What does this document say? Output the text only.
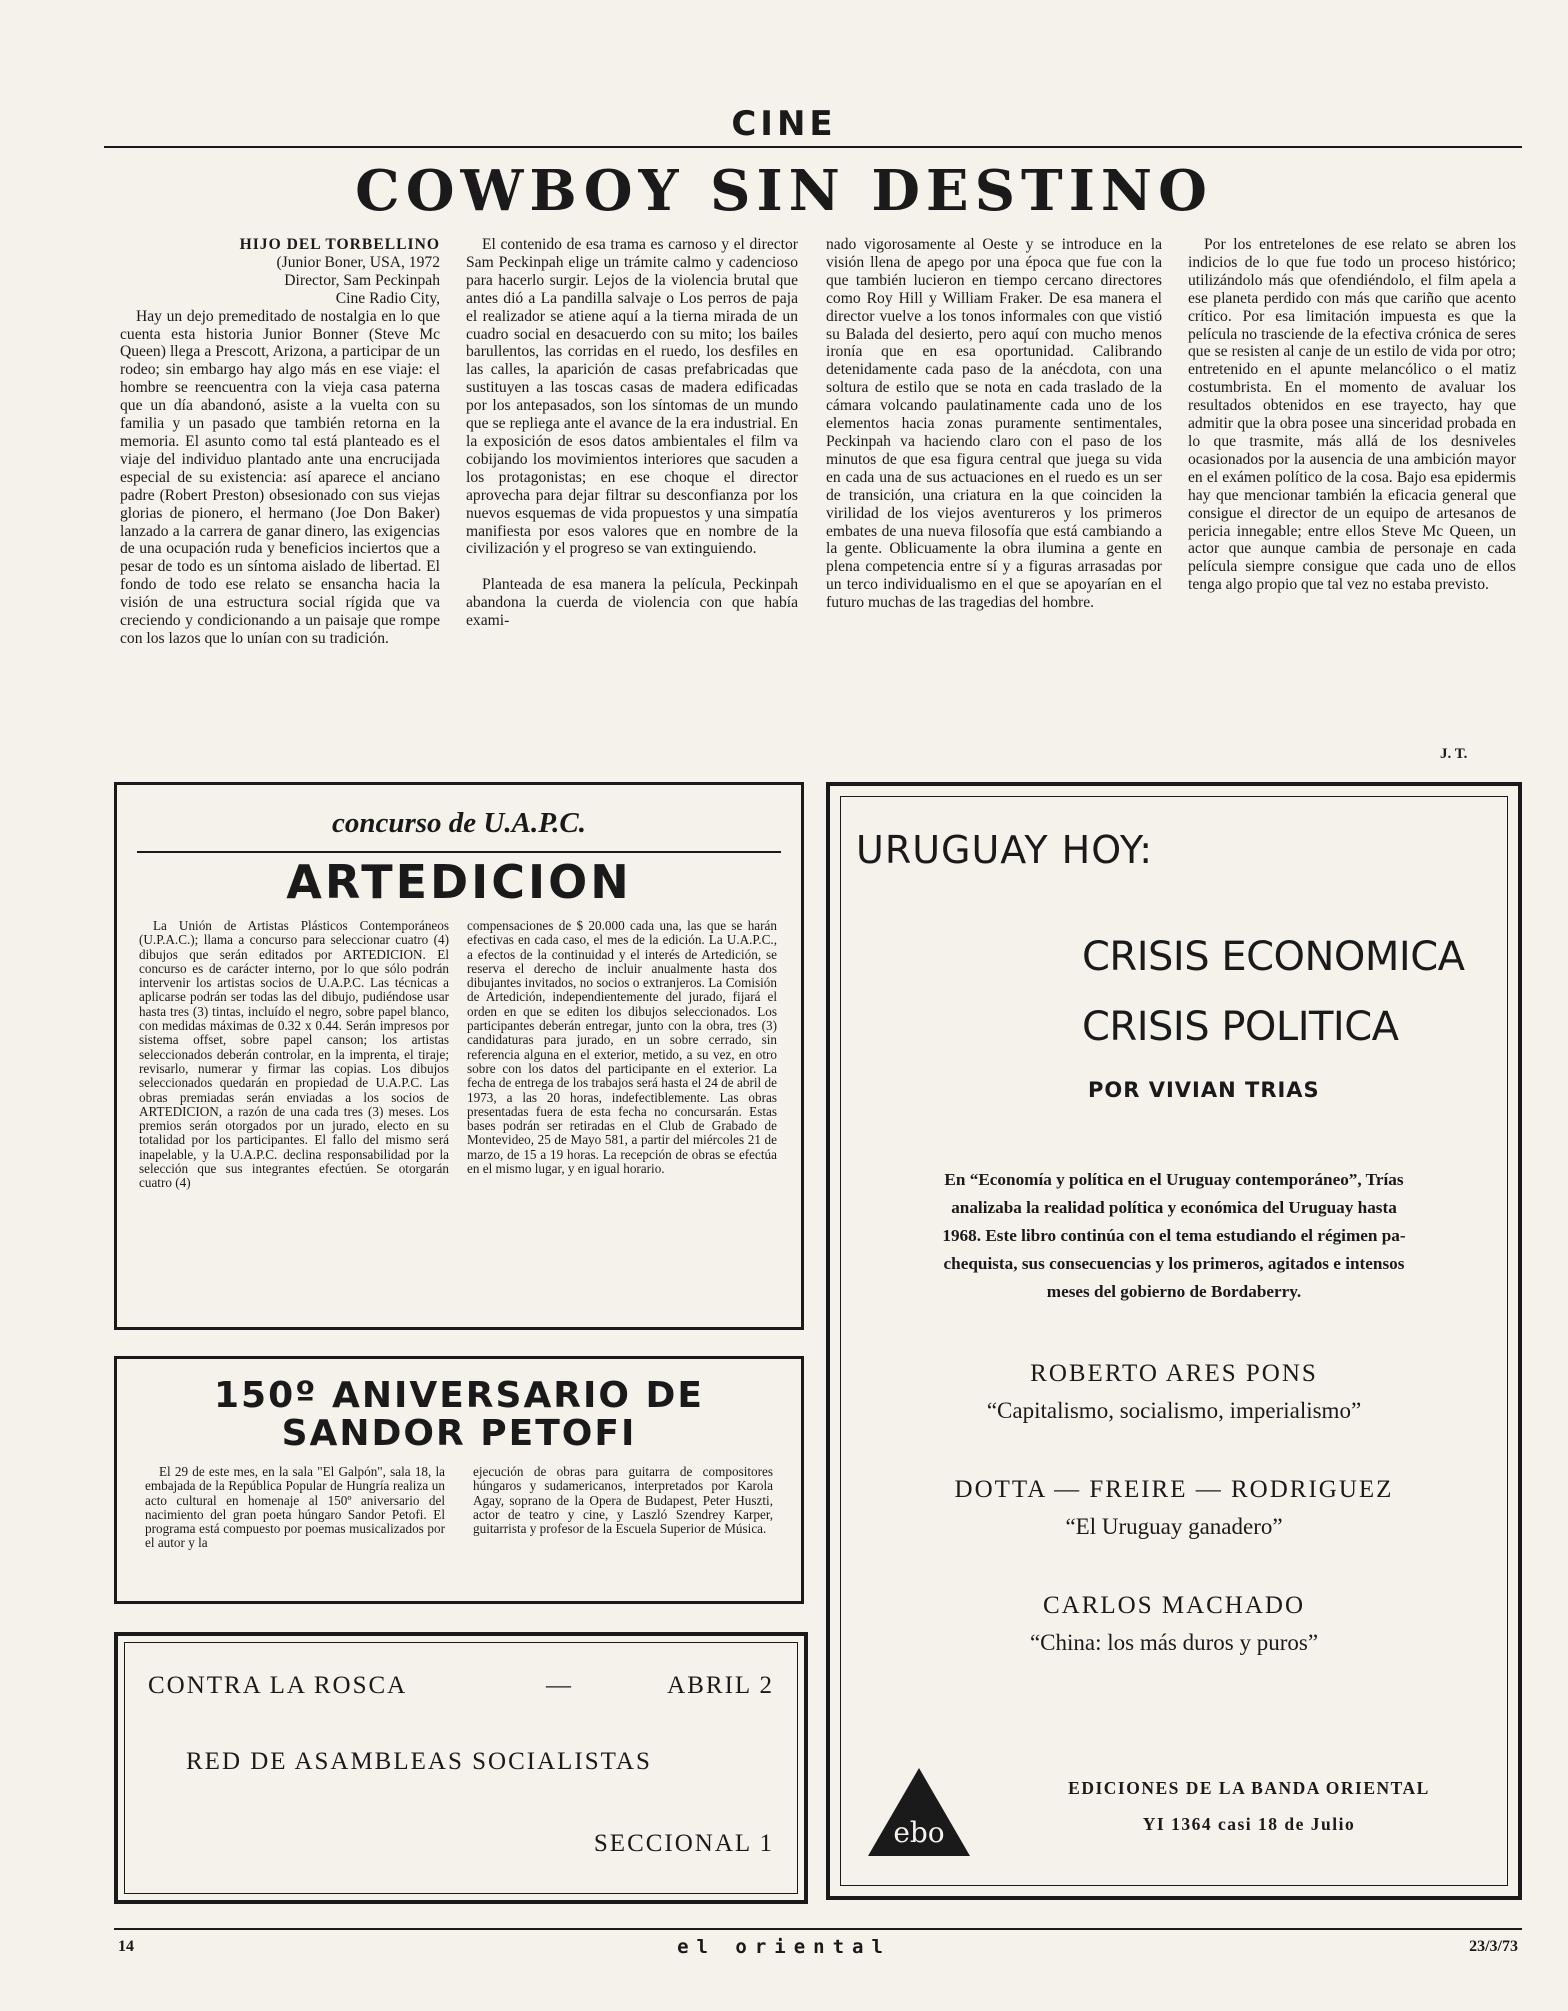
CINE
COWBOY SIN DESTINO
HIJO DEL TORBELLINO
(Junior Boner, USA, 1972
Director, Sam Peckinpah
Cine Radio City,

Hay un dejo premeditado de nostalgia en lo que cuenta esta historia Junior Bonner (Steve Mc Queen) llega a Prescott, Arizona, a participar de un rodeo; sin embargo hay algo más en ese viaje: el hombre se reencuentra con la vieja casa paterna que un día abandonó, asiste a la vuelta con su familia y un pasado que también retorna en la memoria. El asunto como tal está planteado es el viaje del individuo plantado ante una encrucijada especial de su existencia: así aparece el anciano padre (Robert Preston) obsesionado con sus viejas glorias de pionero, el hermano (Joe Don Baker) lanzado a la carrera de ganar dinero, las exigencias de una ocupación ruda y beneficios inciertos que a pesar de todo es un síntoma aislado de libertad. El fondo de todo ese relato se ensancha hacia la visión de una estructura social rígida que va creciendo y condicionando a un paisaje que rompe con los lazos que lo unían con su tradición.

El contenido de esa trama es carnoso y el director Sam Peckinpah elige un trámite calmo y cadencioso para hacerlo surgir. Lejos de la violencia brutal que antes dió a La pandilla salvaje o Los perros de paja el realizador se atiene aquí a la tierna mirada de un cuadro social en desacuerdo con su mito; los bailes barullentos, las corridas en el ruedo, los desfiles en las calles, la aparición de casas prefabricadas que sustituyen a las toscas casas de madera edificadas por los antepasados, son los síntomas de un mundo que se repliega ante el avance de la era industrial. En la exposición de esos datos ambientales el film va cobijando los movimientos interiores que sacuden a los protagonistas; en ese choque el director aprovecha para dejar filtrar su desconfianza por los nuevos esquemas de vida propuestos y una simpatía manifiesta por esos valores que en nombre de la civilización y el progreso se van extinguiendo.

Planteada de esa manera la película, Peckinpah abandona la cuerda de violencia con que había exami-

nado vigorosamente al Oeste y se introduce en la visión llena de apego por una época que fue con la que también lucieron en tiempo cercano directores como Roy Hill y William Fraker. De esa manera el director vuelve a los tonos informales con que vistió su Balada del desierto, pero aquí con mucho menos ironía que en esa oportunidad. Calibrando detenidamente cada paso de la anécdota, con una soltura de estilo que se nota en cada traslado de la cámara volcando paulatinamente cada uno de los elementos hacia zonas puramente sentimentales, Peckinpah va haciendo claro con el paso de los minutos de que esa figura central que juega su vida en cada una de sus actuaciones en el ruedo es un ser de transición, una criatura en la que coinciden la virilidad de los viejos aventureros y los primeros embates de una nueva filosofía que está cambiando a la gente. Oblicuamente la obra ilumina a gente en plena competencia entre sí y a figuras arrasadas por un terco individualismo en el que se apoyarían en el futuro muchas de las tragedias del hombre.

Por los entretelones de ese relato se abren los indicios de lo que fue todo un proceso histórico; utilizándolo más que ofendiéndolo, el film apela a ese planeta perdido con más que cariño que acento crítico. Por esa limitación impuesta es que la película no trasciende de la efectiva crónica de seres que se resisten al canje de un estilo de vida por otro; entretenido en el apunte melancólico o el matiz costumbrista. En el momento de avaluar los resultados obtenidos en ese trayecto, hay que admitir que la obra posee una sinceridad probada en lo que trasmite, más allá de los desniveles ocasionados por la ausencia de una ambición mayor en el exámen político de la cosa. Bajo esa epidermis hay que mencionar también la eficacia general que consigue el director de un equipo de artesanos de pericia innegable; entre ellos Steve Mc Queen, un actor que aunque cambia de personaje en cada película siempre consigue que cada uno de ellos tenga algo propio que tal vez no estaba previsto.

J. T.
concurso de U.A.P.C.
ARTEDICION

La Unión de Artistas Plásticos Contemporáneos (U.P.A.C.); llama a concurso para seleccionar cuatro (4) dibujos que serán editados por ARTEDICION. El concurso es de carácter interno, por lo que sólo podrán intervenir los artistas socios de U.A.P.C. Las técnicas a aplicarse podrán ser todas las del dibujo, pudiéndose usar hasta tres (3) tintas, incluído el negro, sobre papel blanco, con medidas máximas de 0.32 x 0.44. Serán impresos por sistema offset, sobre papel canson; los artistas seleccionados deberán controlar, en la imprenta, el tiraje; revisarlo, numerar y firmar las copias. Los dibujos seleccionados quedarán en propiedad de U.A.P.C. Las obras premiadas serán enviadas a los socios de ARTEDICION, a razón de una cada tres (3) meses. Los premios serán otorgados por un jurado, electo en su totalidad por los participantes. El fallo del mismo será inapelable, y la U.A.P.C. declina responsabilidad por la selección que sus integrantes efectúen. Se otorgarán cuatro (4)

compensaciones de $ 20.000 cada una, las que se harán efectivas en cada caso, el mes de la edición. La U.A.P.C., a efectos de la continuidad y el interés de Artedición, se reserva el derecho de incluir anualmente hasta dos dibujantes invitados, no socios o extranjeros. La Comisión de Artedición, independientemente del jurado, fijará el orden en que se editen los dibujos seleccionados. Los participantes deberán entregar, junto con la obra, tres (3) candidaturas para jurado, en un sobre cerrado, sin referencia alguna en el exterior, metido, a su vez, en otro sobre con los datos del participante en el exterior. La fecha de entrega de los trabajos será hasta el 24 de abril de 1973, a las 20 horas, indefectiblemente. Las obras presentadas fuera de esta fecha no concursarán. Estas bases podrán ser retiradas en el Club de Grabado de Montevideo, 25 de Mayo 581, a partir del miércoles 21 de marzo, de 15 a 19 horas. La recepción de obras se efectúa en el mismo lugar, y en igual horario.

150º ANIVERSARIO DE
SANDOR PETOFI

El 29 de este mes, en la sala "El Galpón", sala 18, la embajada de la República Popular de Hungría realiza un acto cultural en homenaje al 150º aniversario del nacimiento del gran poeta húngaro Sandor Petofi. El programa está compuesto por poemas musicalizados por el autor y la

ejecución de obras para guitarra de compositores húngaros y sudamericanos, interpretados por Karola Agay, soprano de la Opera de Budapest, Peter Huszti, actor de teatro y cine, y Laszló Szendrey Karper, guitarrista y profesor de la Escuela Superior de Música.

CONTRA LA ROSCA	—	ABRIL 2
RED DE ASAMBLEAS SOCIALISTAS
SECCIONAL 1
URUGUAY HOY:
CRISIS ECONOMICA
CRISIS POLITICA
POR VIVIAN TRIAS
En “Economía y política en el Uruguay contemporáneo”, Trías
analizaba la realidad política y económica del Uruguay hasta
1968. Este libro continúa con el tema estudiando el régimen pa-
chequista, sus consecuencias y los primeros, agitados e intensos
meses del gobierno de Bordaberry.
ROBERTO ARES PONS
“Capitalismo, socialismo, imperialismo”
DOTTA — FREIRE — RODRIGUEZ
“El Uruguay ganadero”
CARLOS MACHADO
“China: los más duros y puros”
ebo
EDICIONES DE LA BANDA ORIENTAL
YI 1364 casi 18 de Julio
14	el oriental	23/3/73
